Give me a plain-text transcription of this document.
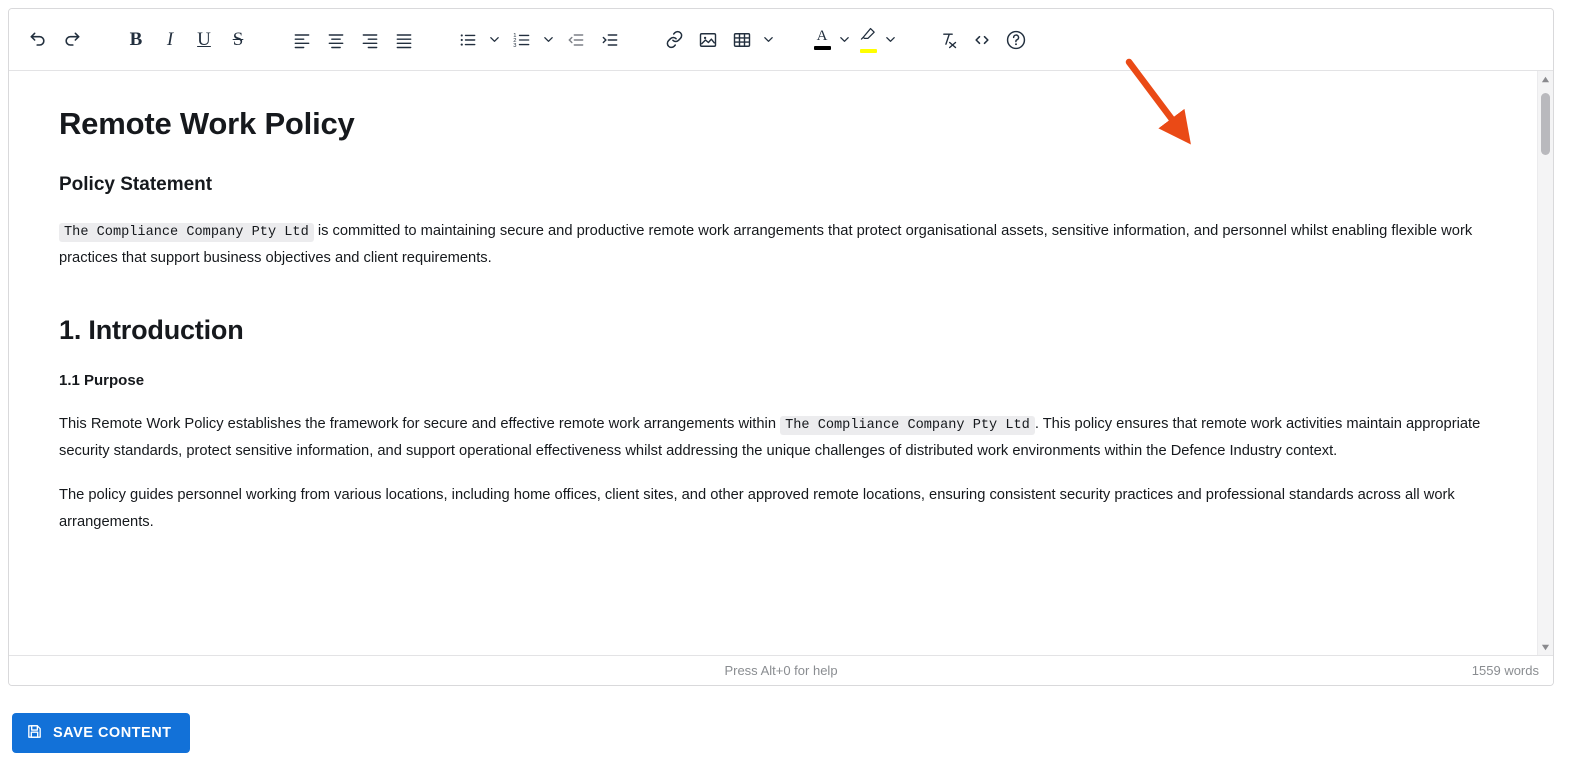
B I U S	1
2
3
A
Remote Work Policy
Policy Statement

The Compliance Company Pty Ltd is committed to maintaining secure and productive remote work arrangements that protect organisational assets, sensitive information, and personnel whilst enabling flexible work practices that support business objectives and client requirements.

1. Introduction
1.1 Purpose

This Remote Work Policy establishes the framework for secure and effective remote work arrangements within The Compliance Company Pty Ltd . This policy ensures that remote work activities maintain appropriate security standards, protect sensitive information, and support operational effectiveness whilst addressing the unique challenges of distributed work environments within the Defence Industry context.

The policy guides personnel working from various locations, including home offices, client sites, and other approved remote locations, ensuring consistent security practices and professional standards across all work arrangements.

Press Alt+0 for help	1559 words
SAVE CONTENT
